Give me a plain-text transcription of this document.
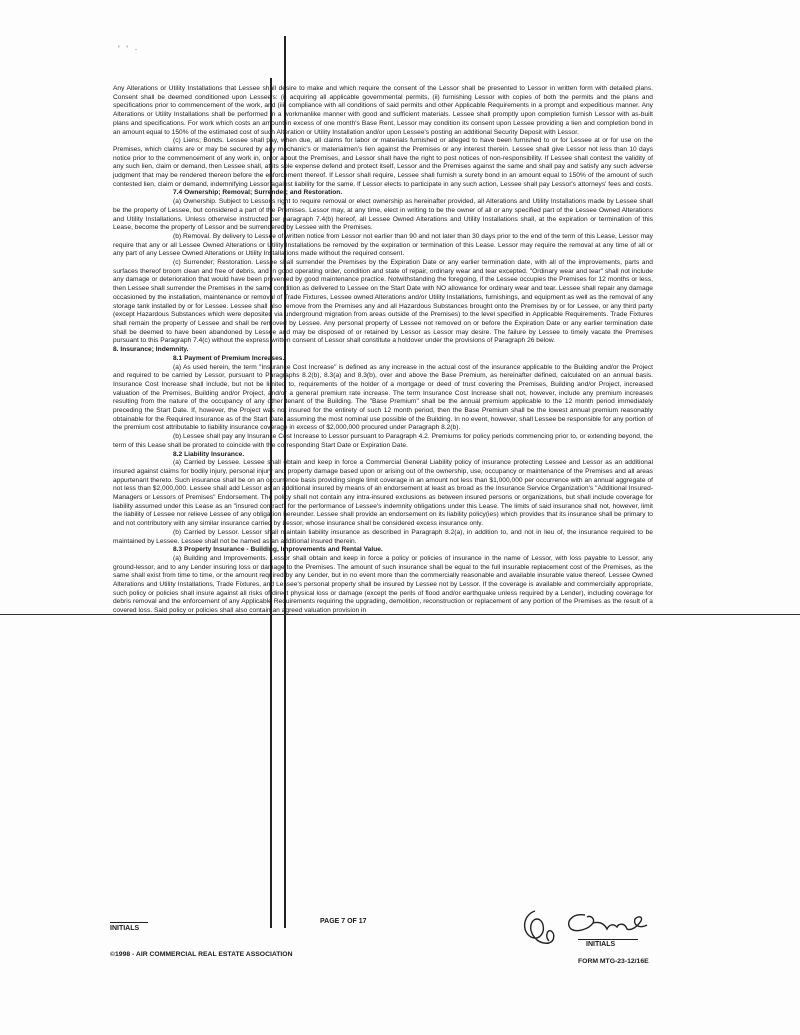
' ' ·

Any Alterations or Utility Installations that Lessee shall desire to make and which require the consent of the Lessor shall be presented to Lessor in written form with detailed plans. Consent shall be deemed conditioned upon Lessee's: (i) acquiring all applicable governmental permits, (ii) furnishing Lessor with copies of both the permits and the plans and specifications prior to commencement of the work, and (iii) compliance with all conditions of said permits and other Applicable Requirements in a prompt and expeditious manner. Any Alterations or Utility Installations shall be performed in a workmanlike manner with good and sufficient materials. Lessee shall promptly upon completion furnish Lessor with as-built plans and specifications. For work which costs an amount in excess of one month's Base Rent, Lessor may condition its consent upon Lessee providing a lien and completion bond in an amount equal to 150% of the estimated cost of such Alteration or Utility Installation and/or upon Lessee's posting an additional Security Deposit with Lessor.

(c) Liens; Bonds. Lessee shall pay, when due, all claims for labor or materials furnished or alleged to have been furnished to or for Lessee at or for use on the Premises, which claims are or may be secured by any mechanic's or materialmen's lien against the Premises or any interest therein. Lessee shall give Lessor not less than 10 days notice prior to the commencement of any work in, on or about the Premises, and Lessor shall have the right to post notices of non-responsibility. If Lessee shall contest the validity of any such lien, claim or demand, then Lessee shall, at its sole expense defend and protect itself, Lessor and the Premises against the same and shall pay and satisfy any such adverse judgment that may be rendered thereon before the enforcement thereof. If Lessor shall require, Lessee shall furnish a surety bond in an amount equal to 150% of the amount of such contested lien, claim or demand, indemnifying Lessor against liability for the same. If Lessor elects to participate in any such action, Lessee shall pay Lessor's attorneys' fees and costs.

7.4 Ownership; Removal; Surrender; and Restoration.

(a) Ownership. Subject to Lessor's right to require removal or elect ownership as hereinafter provided, all Alterations and Utility Installations made by Lessee shall be the property of Lessee, but considered a part of the Premises. Lessor may, at any time, elect in writing to be the owner of all or any specified part of the Lessee Owned Alterations and Utility Installations. Unless otherwise instructed per paragraph 7.4(b) hereof, all Lessee Owned Alterations and Utility Installations shall, at the expiration or termination of this Lease, become the property of Lessor and be surrendered by Lessee with the Premises.

(b) Removal. By delivery to Lessee of written notice from Lessor not earlier than 90 and not later than 30 days prior to the end of the term of this Lease, Lessor may require that any or all Lessee Owned Alterations or Utility Installations be removed by the expiration or termination of this Lease. Lessor may require the removal at any time of all or any part of any Lessee Owned Alterations or Utility Installations made without the required consent.

(c) Surrender; Restoration. Lessee shall surrender the Premises by the Expiration Date or any earlier termination date, with all of the improvements, parts and surfaces thereof broom clean and free of debris, and in good operating order, condition and state of repair, ordinary wear and tear excepted. "Ordinary wear and tear" shall not include any damage or deterioration that would have been prevented by good maintenance practice. Notwithstanding the foregoing, if the Lessee occupies the Premises for 12 months or less, then Lessee shall surrender the Premises in the same condition as delivered to Lessee on the Start Date with NO allowance for ordinary wear and tear. Lessee shall repair any damage occasioned by the installation, maintenance or removal of Trade Fixtures, Lessee owned Alterations and/or Utility Installations, furnishings, and equipment as well as the removal of any storage tank installed by or for Lessee. Lessee shall also remove from the Premises any and all Hazardous Substances brought onto the Premises by or for Lessee, or any third party (except Hazardous Substances which were deposited via underground migration from areas outside of the Premises) to the level specified in Applicable Requirements. Trade Fixtures shall remain the property of Lessee and shall be removed by Lessee. Any personal property of Lessee not removed on or before the Expiration Date or any earlier termination date shall be deemed to have been abandoned by Lessee and may be disposed of or retained by Lessor as Lessor may desire. The failure by Lessee to timely vacate the Premises pursuant to this Paragraph 7.4(c) without the express written consent of Lessor shall constitute a holdover under the provisions of Paragraph 26 below.

8. Insurance; Indemnity.

8.1 Payment of Premium Increases.

(a) As used herein, the term "Insurance Cost Increase" is defined as any increase in the actual cost of the insurance applicable to the Building and/or the Project and required to be carried by Lessor, pursuant to Paragraphs 8.2(b), 8.3(a) and 8.3(b), over and above the Base Premium, as hereinafter defined, calculated on an annual basis. Insurance Cost Increase shall include, but not be limited to, requirements of the holder of a mortgage or deed of trust covering the Premises, Building and/or Project, increased valuation of the Premises, Building and/or Project, and/or a general premium rate increase. The term Insurance Cost Increase shall not, however, include any premium increases resulting from the nature of the occupancy of any other tenant of the Building. The "Base Premium" shall be the annual premium applicable to the 12 month period immediately preceding the Start Date. If, however, the Project was not insured for the entirety of such 12 month period, then the Base Premium shall be the lowest annual premium reasonably obtainable for the Required Insurance as of the Start Date, assuming the most nominal use possible of the Building. In no event, however, shall Lessee be responsible for any portion of the premium cost attributable to liability insurance coverage in excess of $2,000,000 procured under Paragraph 8.2(b).

(b) Lessee shall pay any Insurance Cost Increase to Lessor pursuant to Paragraph 4.2. Premiums for policy periods commencing prior to, or extending beyond, the term of this Lease shall be prorated to coincide with the corresponding Start Date or Expiration Date.

8.2 Liability Insurance.

(a) Carried by Lessee. Lessee shall obtain and keep in force a Commercial General Liability policy of insurance protecting Lessee and Lessor as an additional insured against claims for bodily injury, personal injury and property damage based upon or arising out of the ownership, use, occupancy or maintenance of the Premises and all areas appurtenant thereto. Such insurance shall be on an occurrence basis providing single limit coverage in an amount not less than $1,000,000 per occurrence with an annual aggregate of not less than $2,000,000. Lessee shall add Lessor as an additional insured by means of an endorsement at least as broad as the Insurance Service Organization's "Additional Insured-Managers or Lessors of Premises" Endorsement. The policy shall not contain any intra-insured exclusions as between insured persons or organizations, but shall include coverage for liability assumed under this Lease as an "insured contract" for the performance of Lessee's indemnity obligations under this Lease. The limits of said insurance shall not, however, limit the liability of Lessee nor relieve Lessee of any obligation hereunder. Lessee shall provide an endorsement on its liability policy(ies) which provides that its insurance shall be primary to and not contributory with any similar insurance carried by Lessor, whose insurance shall be considered excess insurance only.

(b) Carried by Lessor. Lessor shall maintain liability insurance as described in Paragraph 8.2(a), in addition to, and not in lieu of, the insurance required to be maintained by Lessee. Lessee shall not be named as an additional insured therein.

8.3 Property Insurance - Building, Improvements and Rental Value.

(a) Building and Improvements. Lessor shall obtain and keep in force a policy or policies of insurance in the name of Lessor, with loss payable to Lessor, any ground-lessor, and to any Lender insuring loss or damage to the Premises. The amount of such insurance shall be equal to the full insurable replacement cost of the Premises, as the same shall exist from time to time, or the amount required by any Lender, but in no event more than the commercially reasonable and available insurable value thereof. Lessee Owned Alterations and Utility Installations, Trade Fixtures, and Lessee's personal property shall be insured by Lessee not by Lessor. If the coverage is available and commercially appropriate, such policy or policies shall insure against all risks of direct physical loss or damage (except the perils of flood and/or earthquake unless required by a Lender), including coverage for debris removal and the enforcement of any Applicable Requirements requiring the upgrading, demolition, reconstruction or replacement of any portion of the Premises as the result of a covered loss. Said policy or policies shall also contain an agreed valuation provision in

PAGE 7 OF 17
INITIALS
©1998 - AIR COMMERCIAL REAL ESTATE ASSOCIATION
INITIALS
FORM MTG-23-12/16E
